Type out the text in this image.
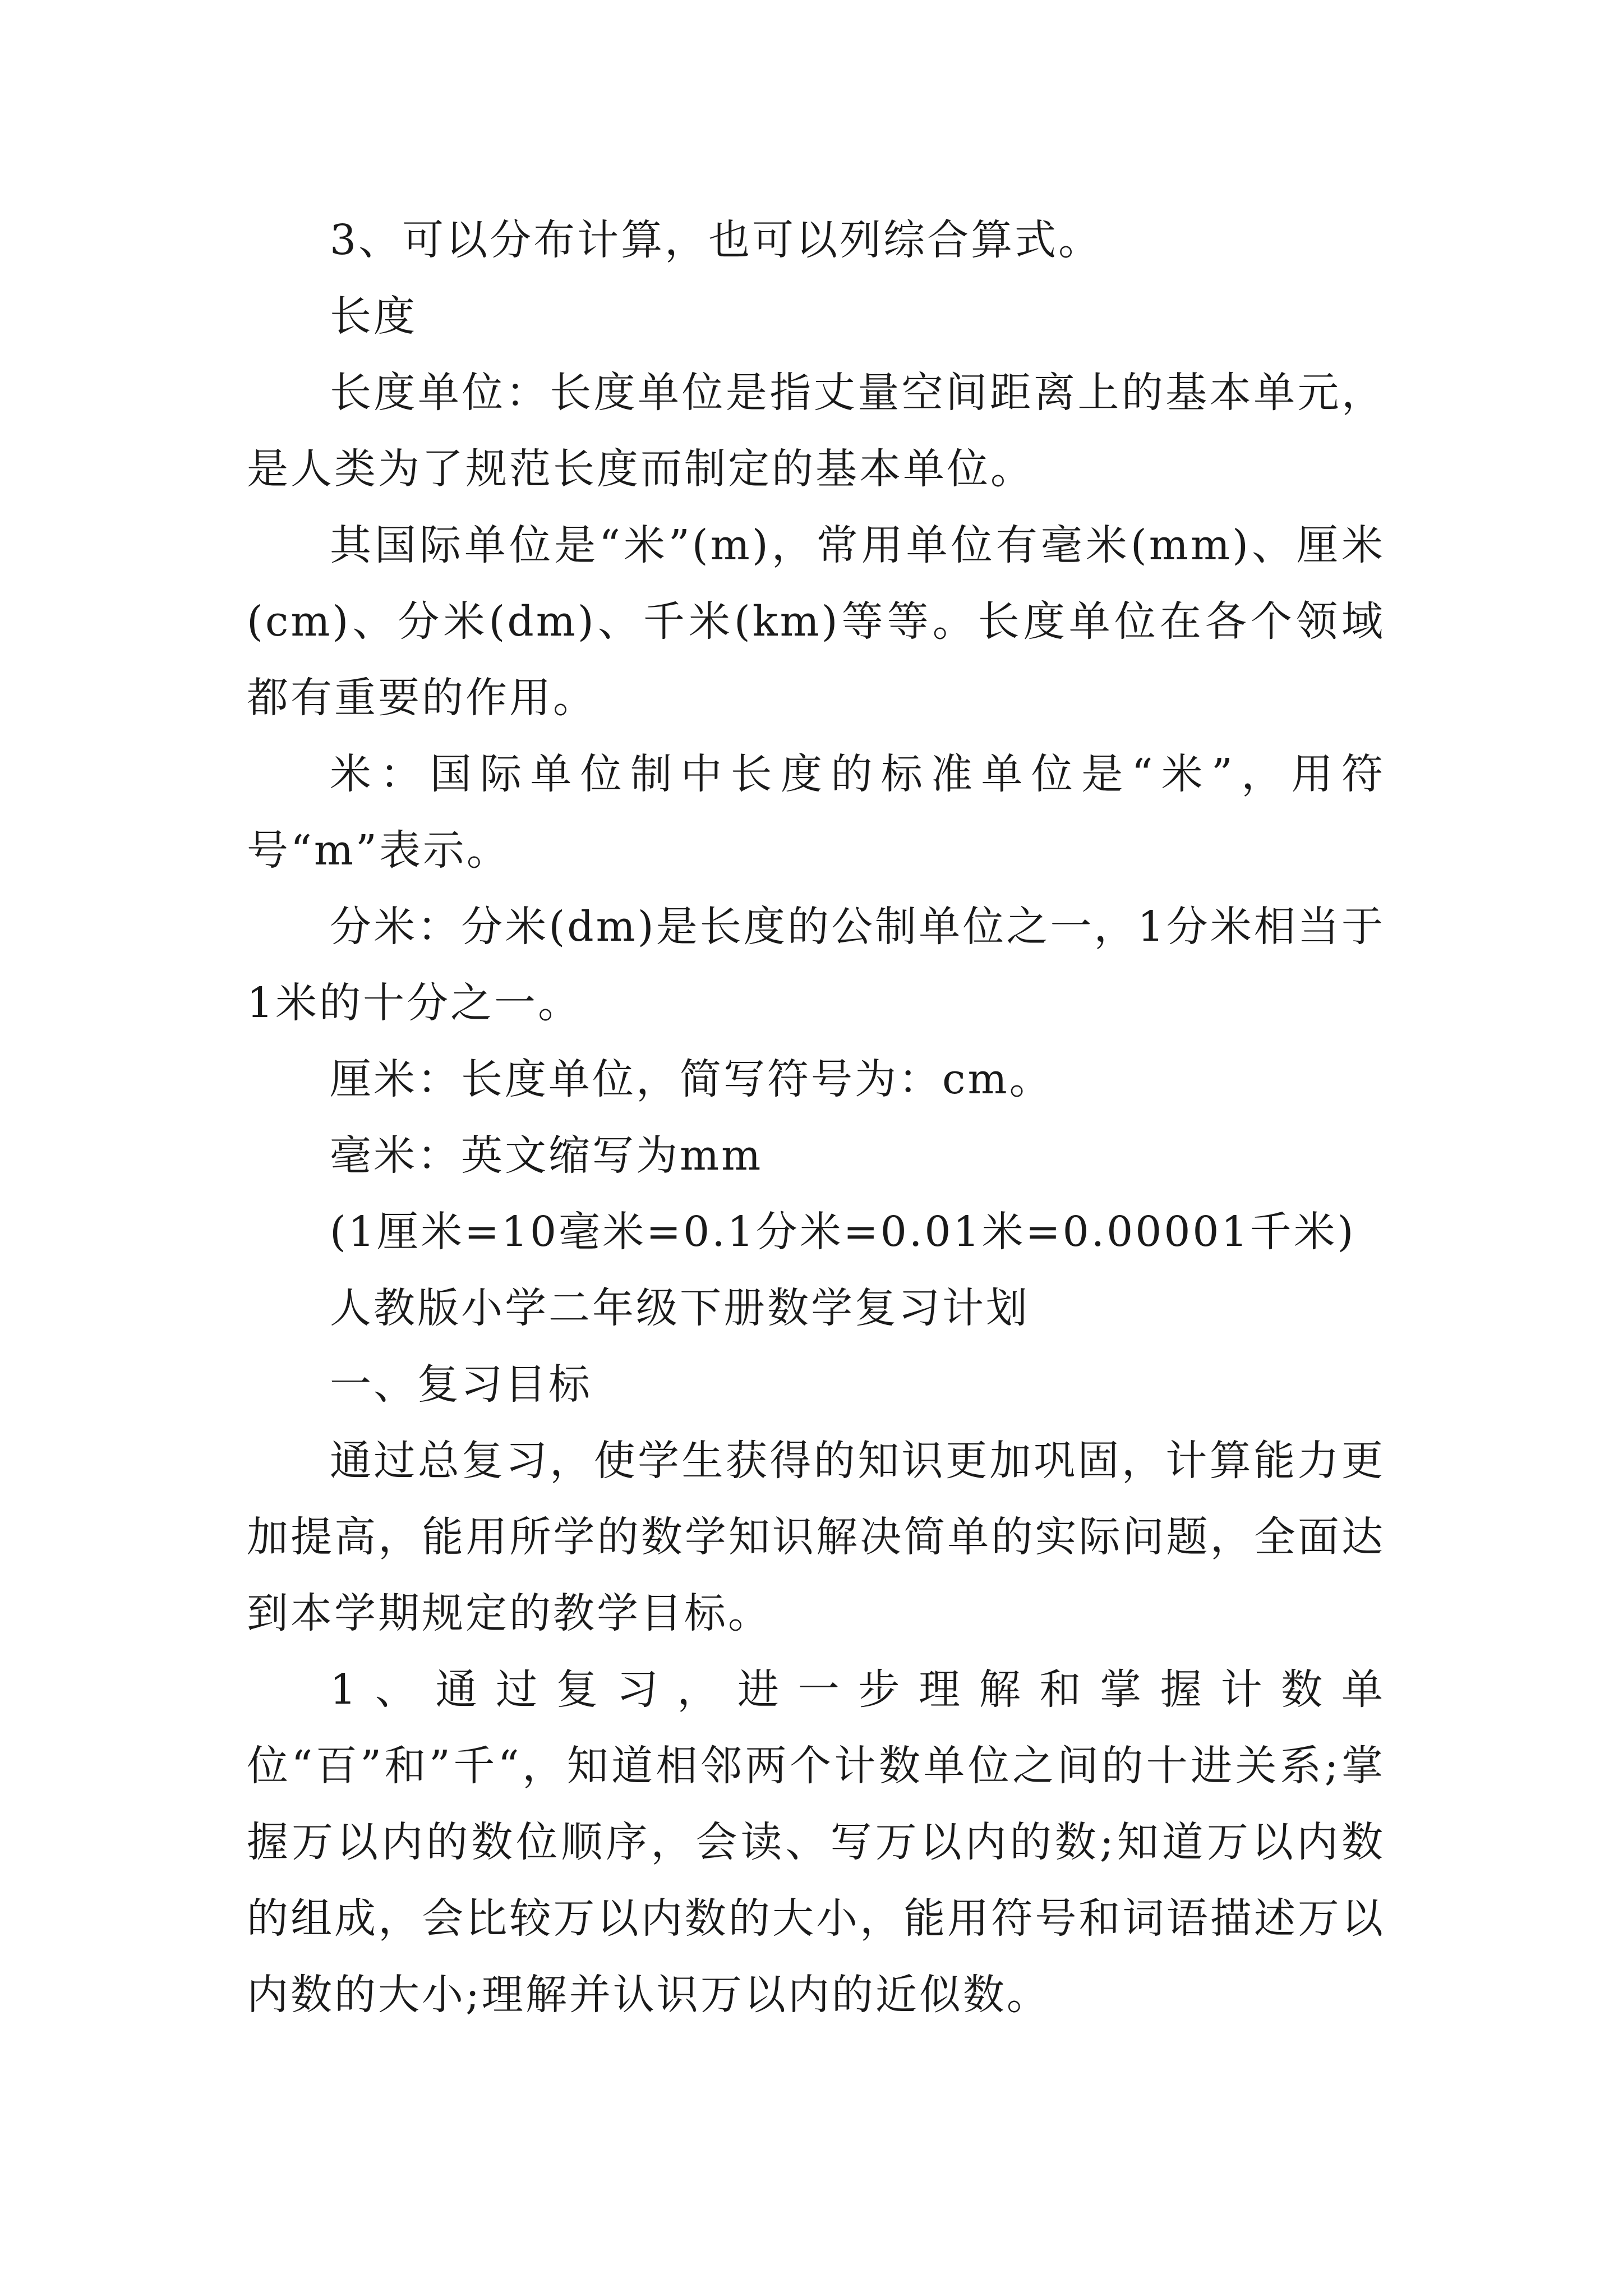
3、可以分布计算，也可以列综合算式。

长度

长度单位：长度单位是指丈量空间距离上的基本单元，是人类为了规范长度而制定的基本单位。

其国际单位是“米”(m)，常用单位有毫米(mm)、厘米(cm)、分米(dm)、千米(km)等等。长度单位在各个领域都有重要的作用。

米：国际单位制中长度的标准单位是“米”，用符号“m”表示。

分米：分米(dm)是长度的公制单位之一，1分米相当于1米的十分之一。

厘米：长度单位，简写符号为：cm。

毫米：英文缩写为mm

(1厘米=10毫米=0.1分米=0.01米=0.00001千米)

人教版小学二年级下册数学复习计划

一、复习目标

通过总复习，使学生获得的知识更加巩固，计算能力更加提高，能用所学的数学知识解决简单的实际问题，全面达到本学期规定的教学目标。

1、通过复习，进一步理解和掌握计数单位“百”和”千“，知道相邻两个计数单位之间的十进关系;掌握万以内的数位顺序，会读、写万以内的数;知道万以内数的组成，会比较万以内数的大小，能用符号和词语描述万以内数的大小;理解并认识万以内的近似数。
